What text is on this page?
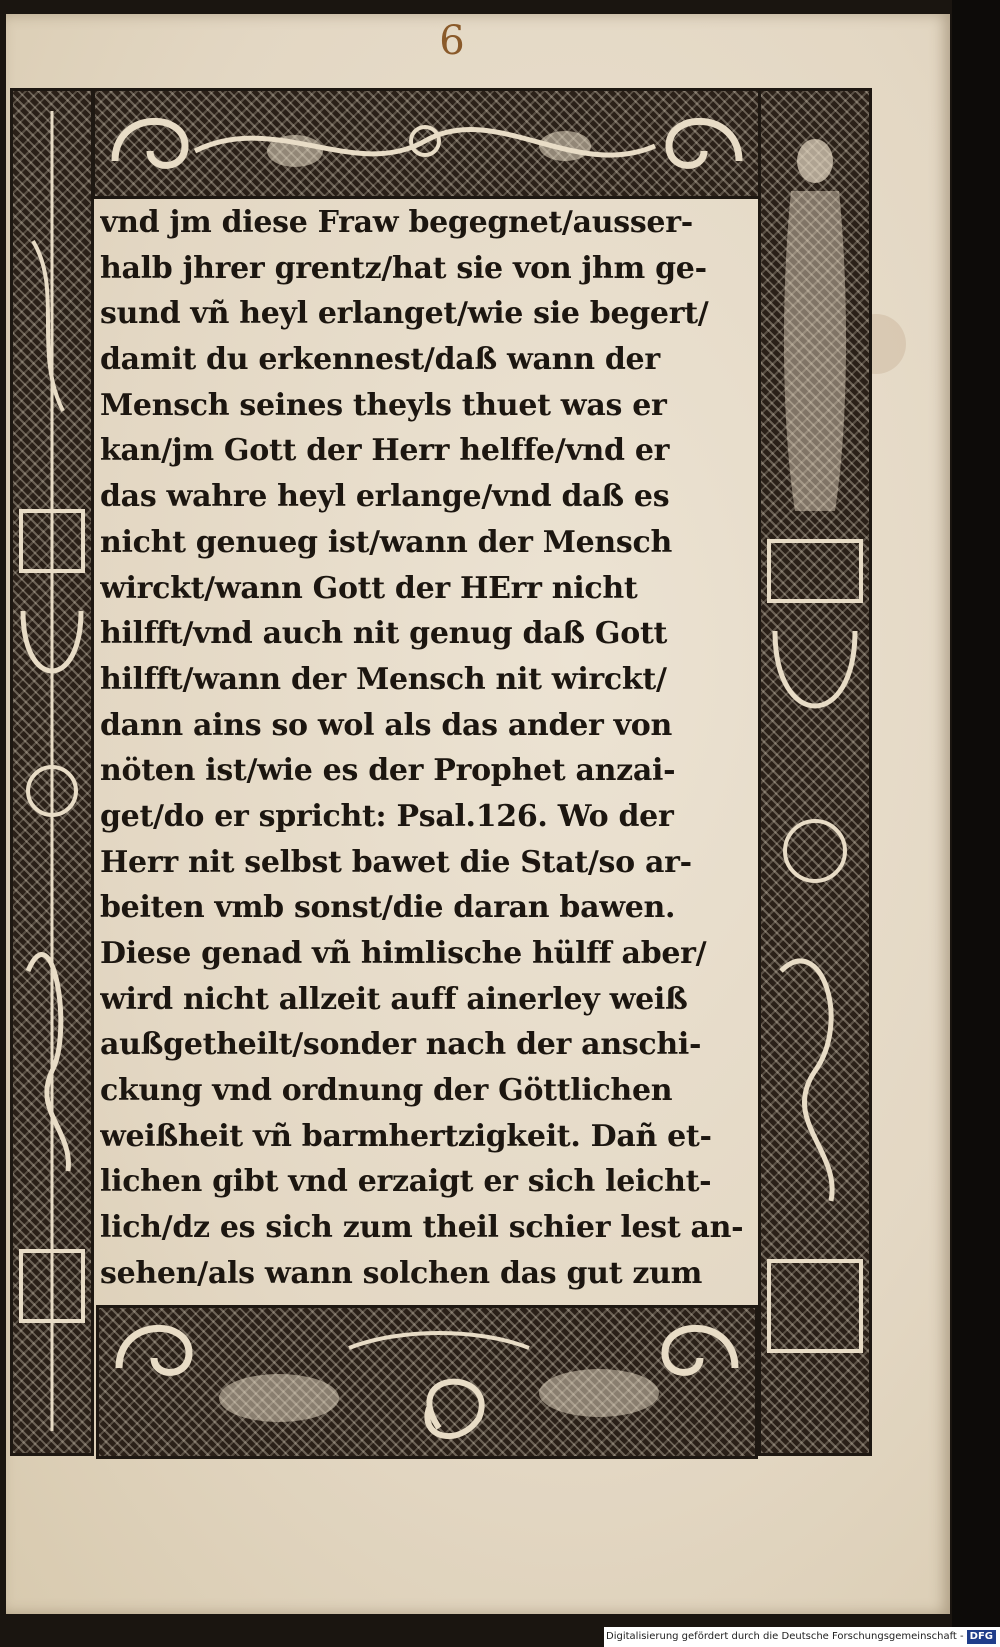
6
vnd jm diese Fraw begegnet/ausser-
halb jhrer grentz/hat sie von jhm ge-
sund vñ heyl erlanget/wie sie begert/
damit du erkennest/daß wann der
Mensch seines theyls thuet was er
kan/jm Gott der Herr helffe/vnd er
das wahre heyl erlange/vnd daß es
nicht genueg ist/wann der Mensch
wirckt/wann Gott der HErr nicht
hilfft/vnd auch nit genug daß Gott
hilfft/wann der Mensch nit wirckt/
dann ains so wol als das ander von
nöten ist/wie es der Prophet anzai-
get/do er spricht: Psal.126. Wo der
Herr nit selbst bawet die Stat/so ar-
beiten vmb sonst/die daran bawen.
Diese genad vñ himlische hülff aber/
wird nicht allzeit auff ainerley weiß
außgetheilt/sonder nach der anschi-
ckung vnd ordnung der Göttlichen
weißheit vñ barmhertzigkeit. Dañ et-
lichen gibt vnd erzaigt er sich leicht-
lich/dz es sich zum theil schier lest an-
sehen/als wann solchen das gut zum
Digitalisierung gefördert durch die Deutsche Forschungsgemeinschaft - DFG
